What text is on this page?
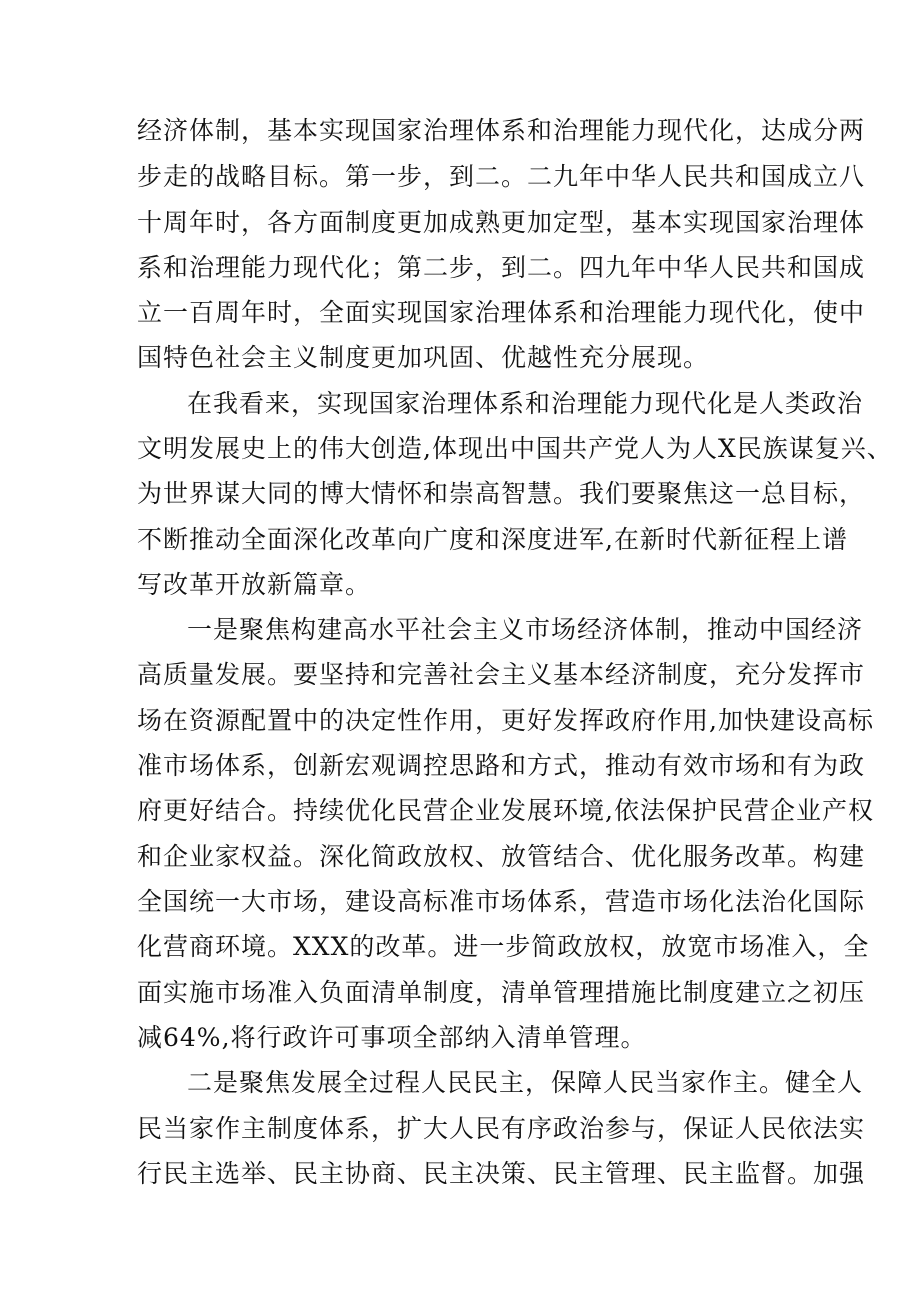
经济体制，基本实现国家治理体系和治理能力现代化，达成分两
步走的战略目标。第一步，到二。二九年中华人民共和国成立八
十周年时，各方面制度更加成熟更加定型，基本实现国家治理体
系和治理能力现代化；第二步，到二。四九年中华人民共和国成
立一百周年时，全面实现国家治理体系和治理能力现代化，使中
国特色社会主义制度更加巩固、优越性充分展现。
在我看来，实现国家治理体系和治理能力现代化是人类政治
文明发展史上的伟大创造,体现出中国共产党人为人X民族谋复兴、
为世界谋大同的博大情怀和崇高智慧。我们要聚焦这一总目标，
不断推动全面深化改革向广度和深度进军,在新时代新征程上谱
写改革开放新篇章。
一是聚焦构建高水平社会主义市场经济体制，推动中国经济
高质量发展。要坚持和完善社会主义基本经济制度，充分发挥市
场在资源配置中的决定性作用，更好发挥政府作用,加快建设高标
准市场体系，创新宏观调控思路和方式，推动有效市场和有为政
府更好结合。持续优化民营企业发展环境,依法保护民营企业产权
和企业家权益。深化简政放权、放管结合、优化服务改革。构建
全国统一大市场，建设高标准市场体系，营造市场化法治化国际
化营商环境。XXX的改革。进一步简政放权，放宽市场准入，全
面实施市场准入负面清单制度，清单管理措施比制度建立之初压
减64%,将行政许可事项全部纳入清单管理。
二是聚焦发展全过程人民民主，保障人民当家作主。健全人
民当家作主制度体系，扩大人民有序政治参与，保证人民依法实
行民主选举、民主协商、民主决策、民主管理、民主监督。加强
